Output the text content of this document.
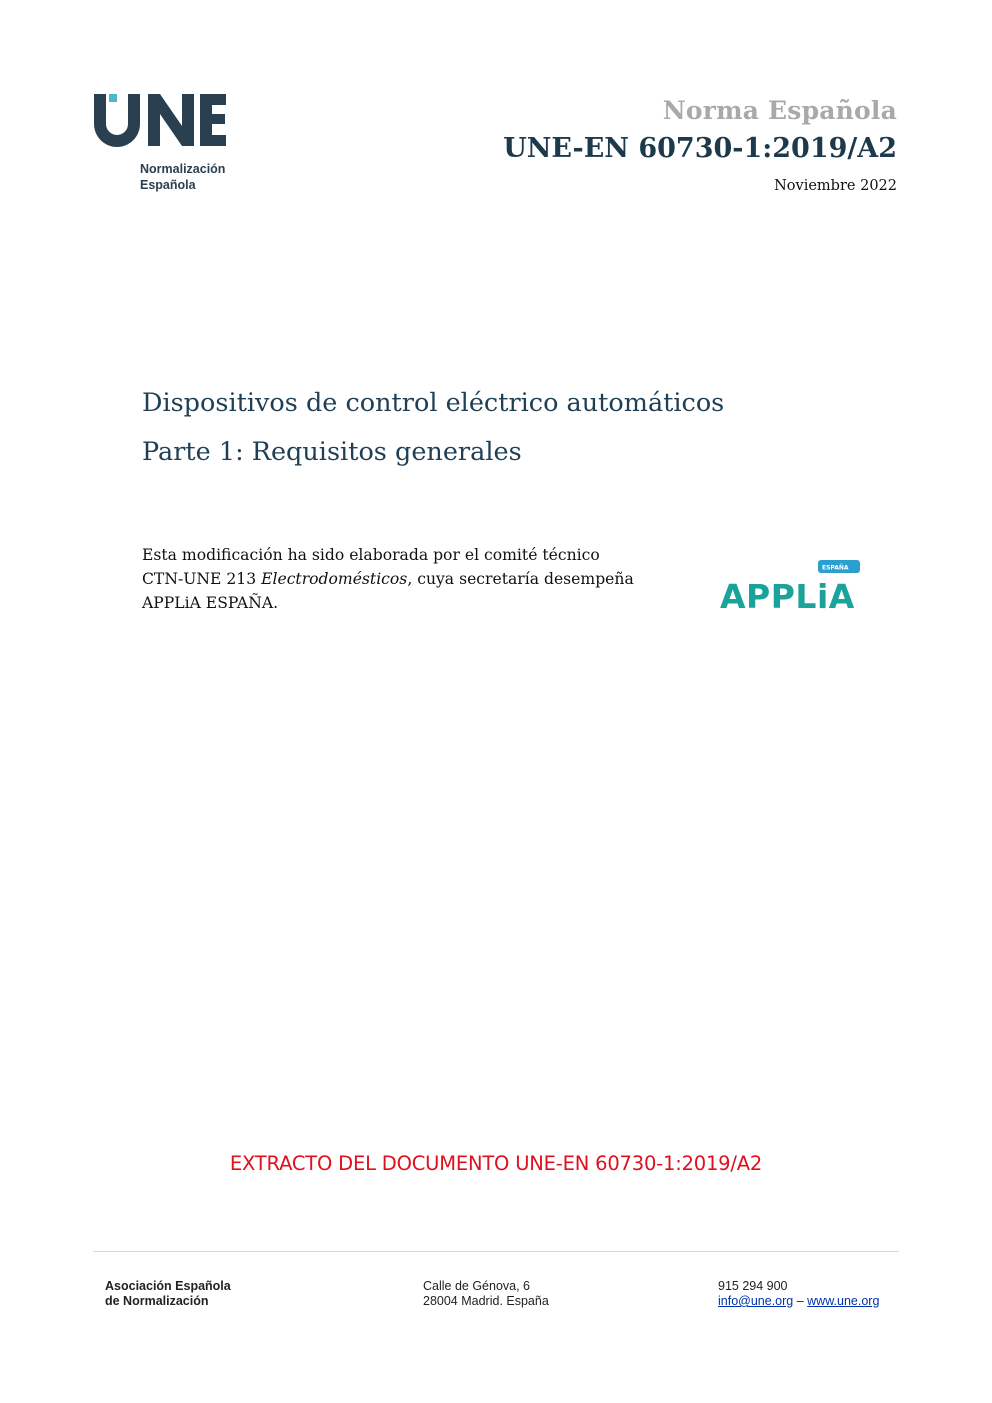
Normalización
Española
Norma Española
UNE-EN 60730-1:2019/A2
Noviembre 2022
Dispositivos de control eléctrico automáticos
Parte 1: Requisitos generales
Esta modificación ha sido elaborada por el comité técnico
CTN-UNE 213 Electrodomésticos, cuya secretaría desempeña
APPLiA ESPAÑA.
ESPAÑA
APPLiA
EXTRACTO DEL DOCUMENTO UNE-EN 60730-1:2019/A2
Asociación Española
de Normalización
Calle de Génova, 6
28004 Madrid. España
915 294 900
info@une.org – www.une.org
